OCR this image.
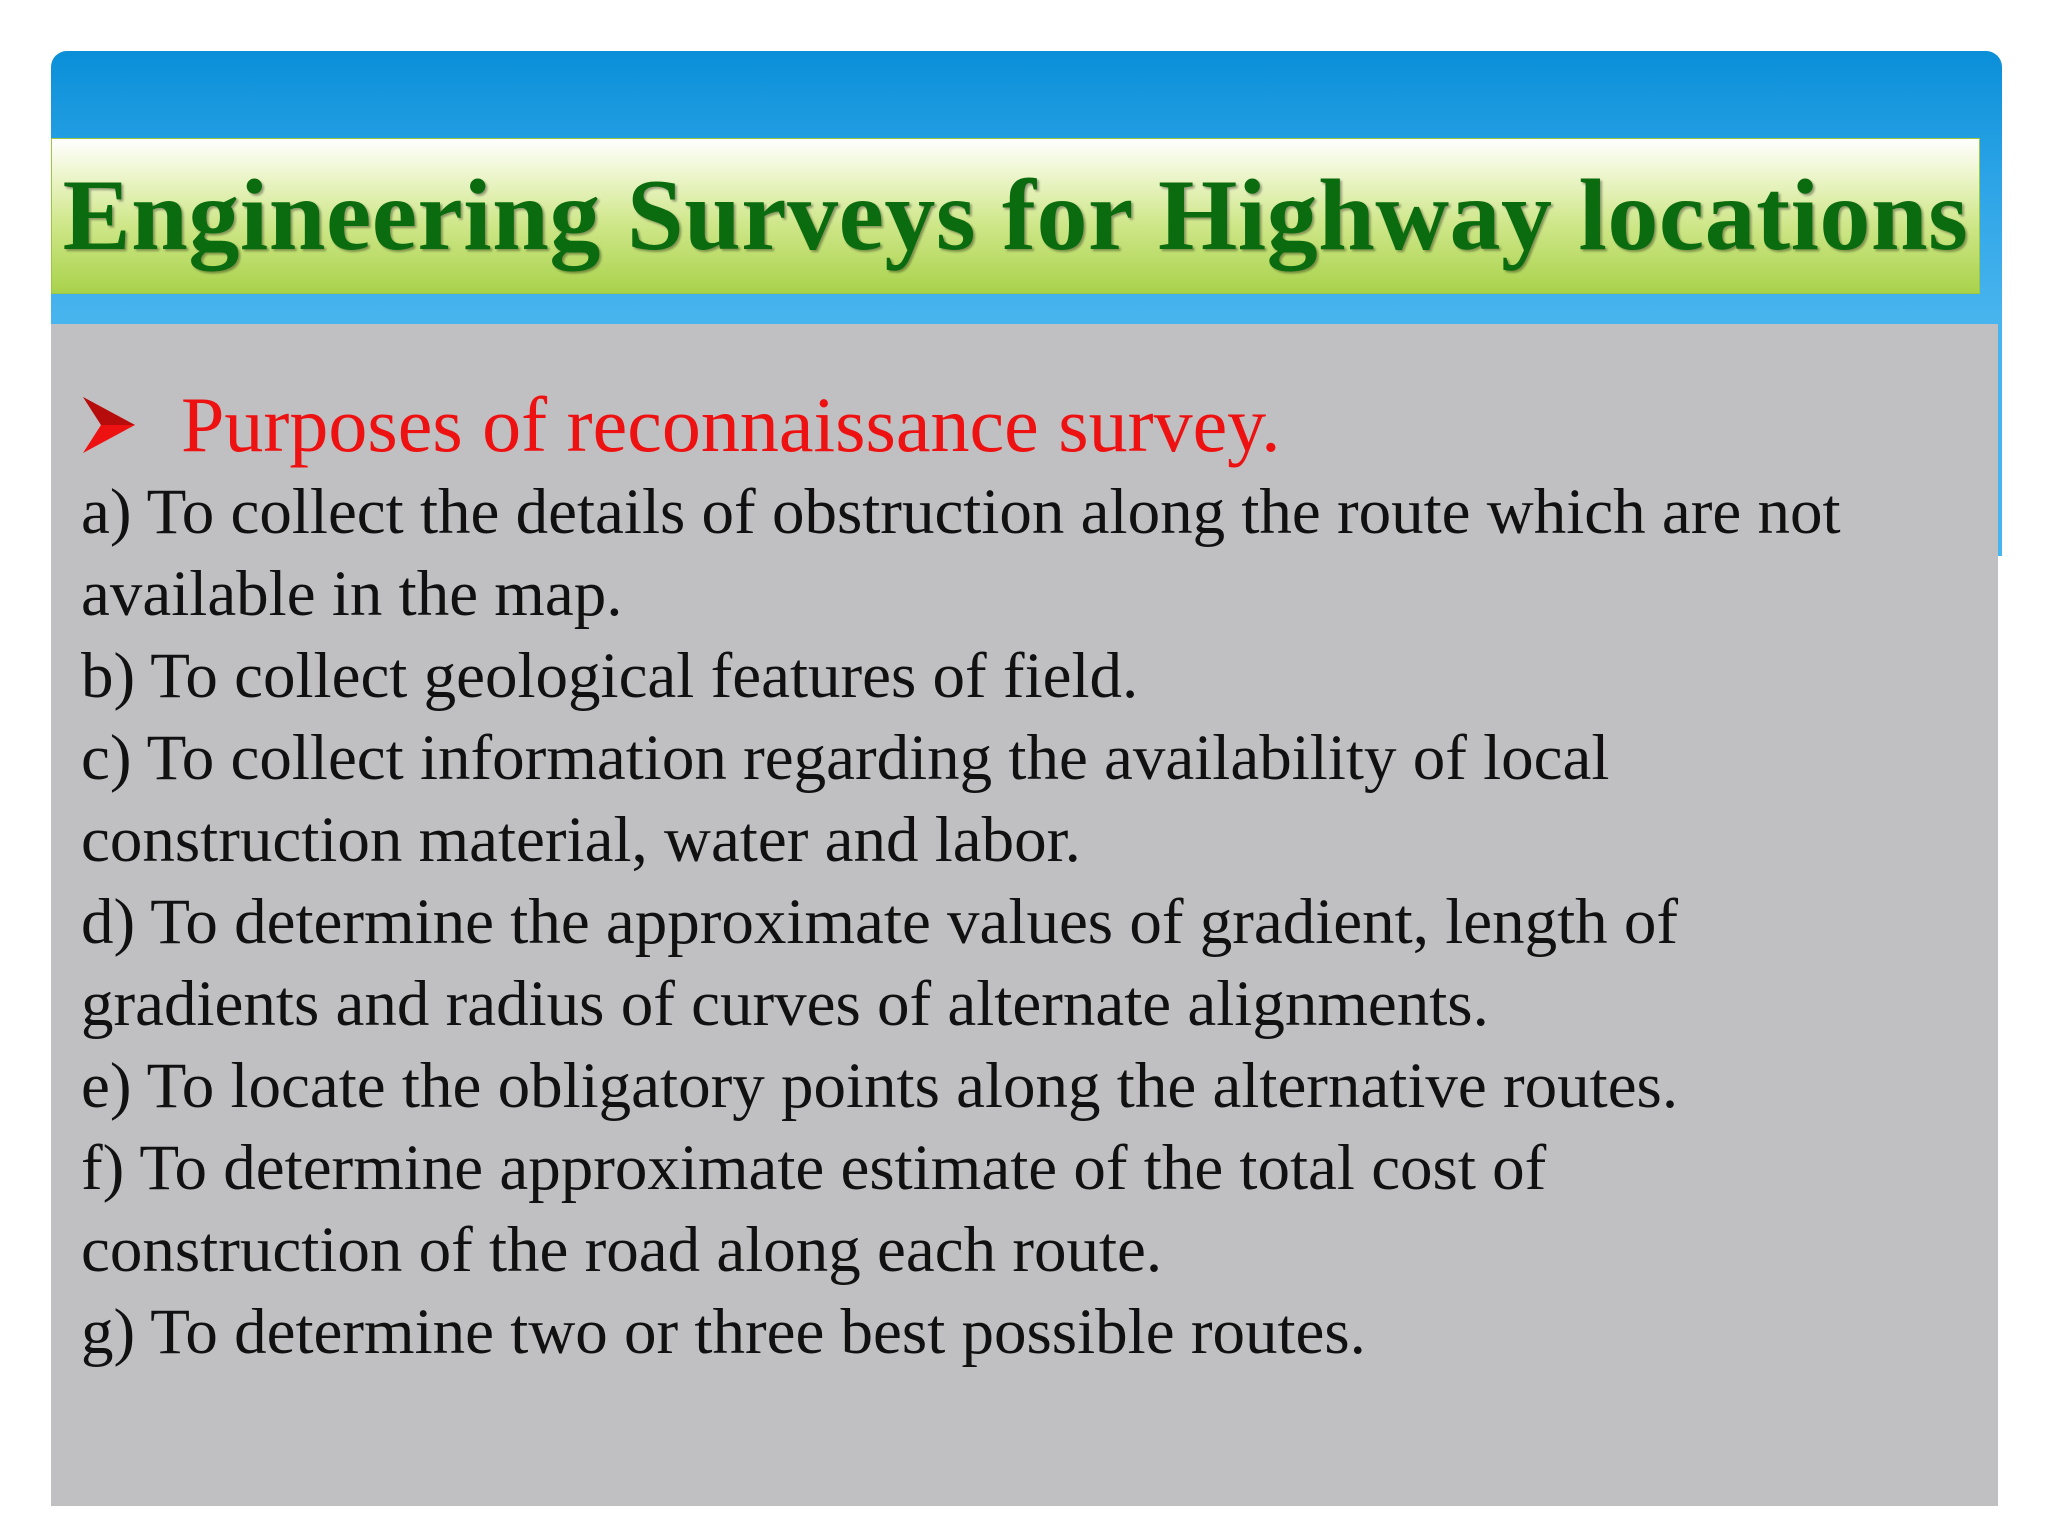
Engineering Surveys for Highway locations
Purposes of reconnaissance survey.
a) To collect the details of obstruction along the route which are not
available in the map.
b) To collect geological features of field.
c) To collect information regarding the availability of local
construction material, water and labor.
d) To determine the approximate values of gradient, length of
gradients and radius of curves of alternate alignments.
e) To locate the obligatory points along the alternative routes.
f) To determine approximate estimate of the total cost of
construction of the road along each route.
g) To determine two or three best possible routes.
